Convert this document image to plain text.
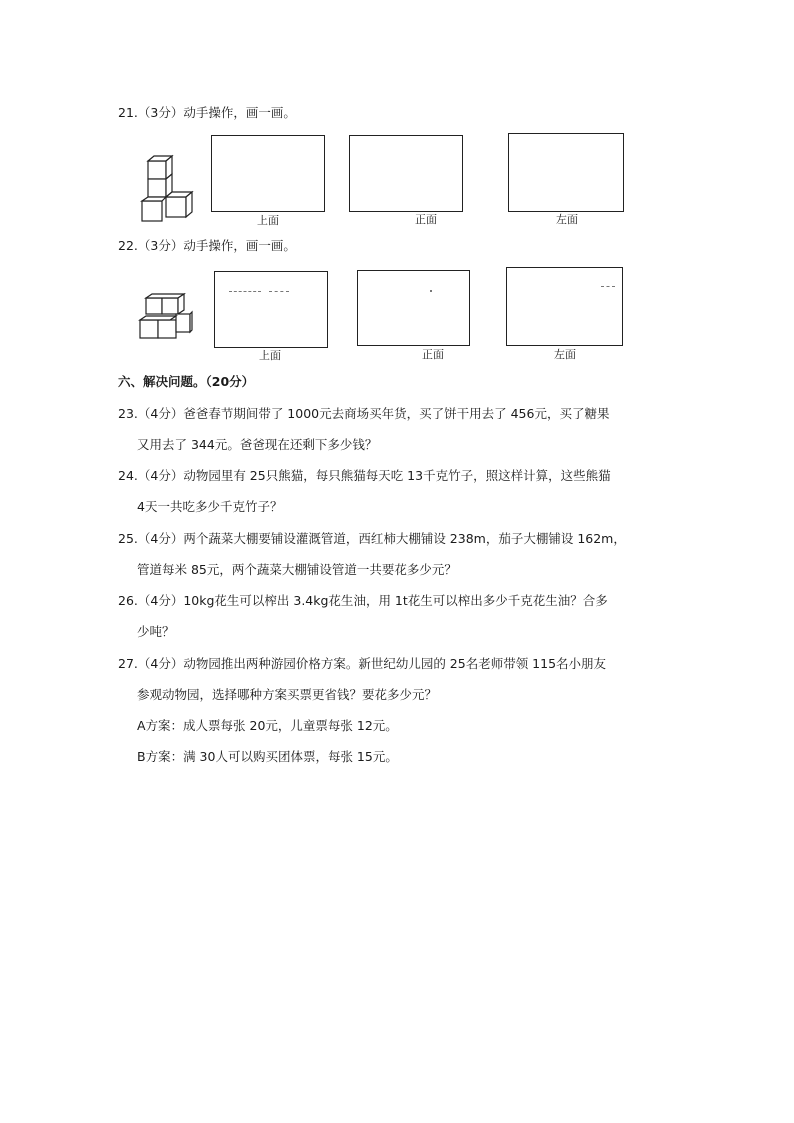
21.（3分）动手操作，画一画。
上面	正面	左面
22.（3分）动手操作，画一画。
上面	正面	左面
六、解决问题。（20分）
23.（4分）爸爸春节期间带了 1000元去商场买年货，买了饼干用去了 456元，买了糖果
又用去了 344元。爸爸现在还剩下多少钱？
24.（4分）动物园里有 25只熊猫，每只熊猫每天吃 13千克竹子，照这样计算，这些熊猫
4天一共吃多少千克竹子？
25.（4分）两个蔬菜大棚要铺设灌溉管道，西红柿大棚铺设 238m，茄子大棚铺设 162m，
管道每米 85元，两个蔬菜大棚铺设管道一共要花多少元？
26.（4分）10kg花生可以榨出 3.4kg花生油，用 1t花生可以榨出多少千克花生油？合多
少吨？
27.（4分）动物园推出两种游园价格方案。新世纪幼儿园的 25名老师带领 115名小朋友
参观动物园，选择哪种方案买票更省钱？要花多少元？
A方案：成人票每张 20元，儿童票每张 12元。
B方案：满 30人可以购买团体票，每张 15元。
